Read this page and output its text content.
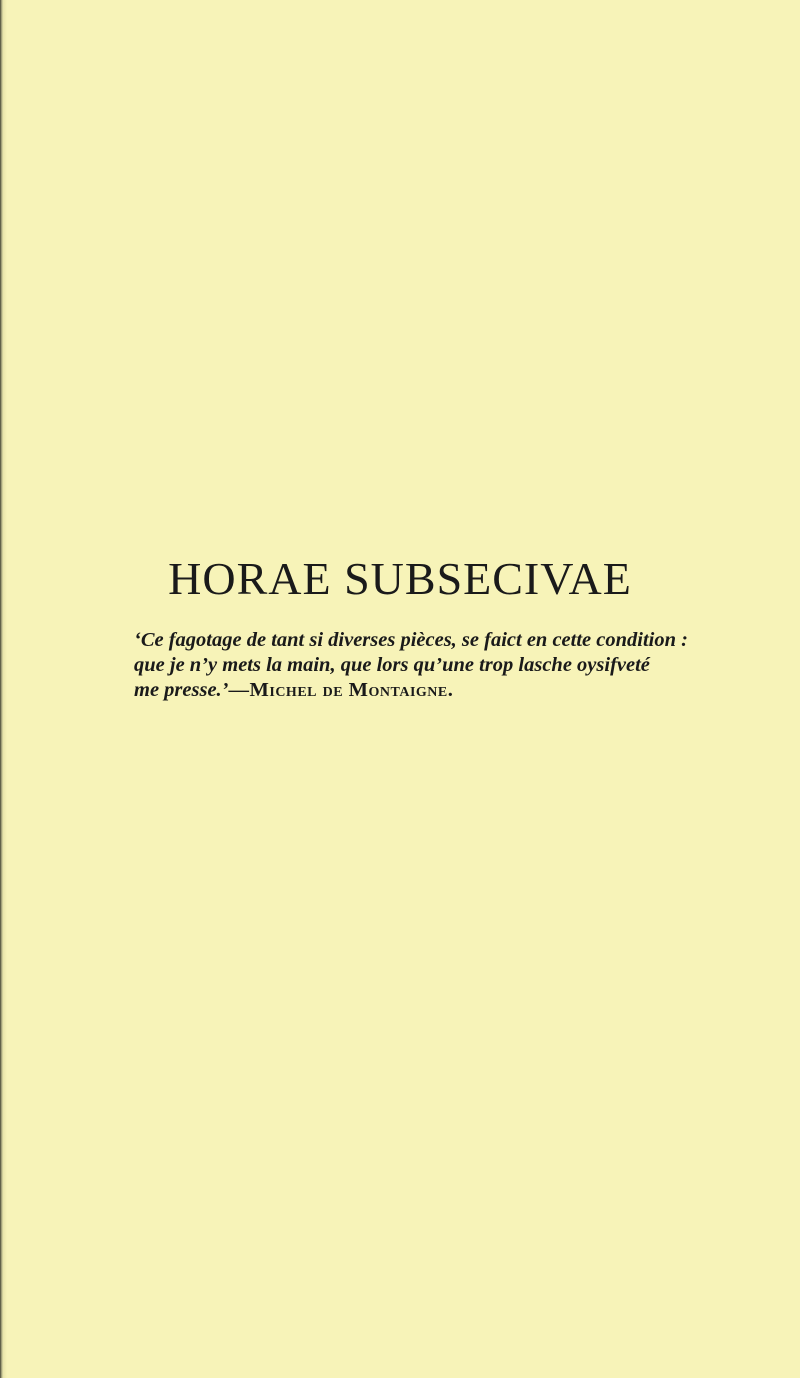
HORAE SUBSECIVAE
‘Ce fagotage de tant si diverses pièces, se faict en cette condition :
que je n’y mets la main, que lors qu’une trop lasche oysifveté
me presse.’—Michel de Montaigne.
